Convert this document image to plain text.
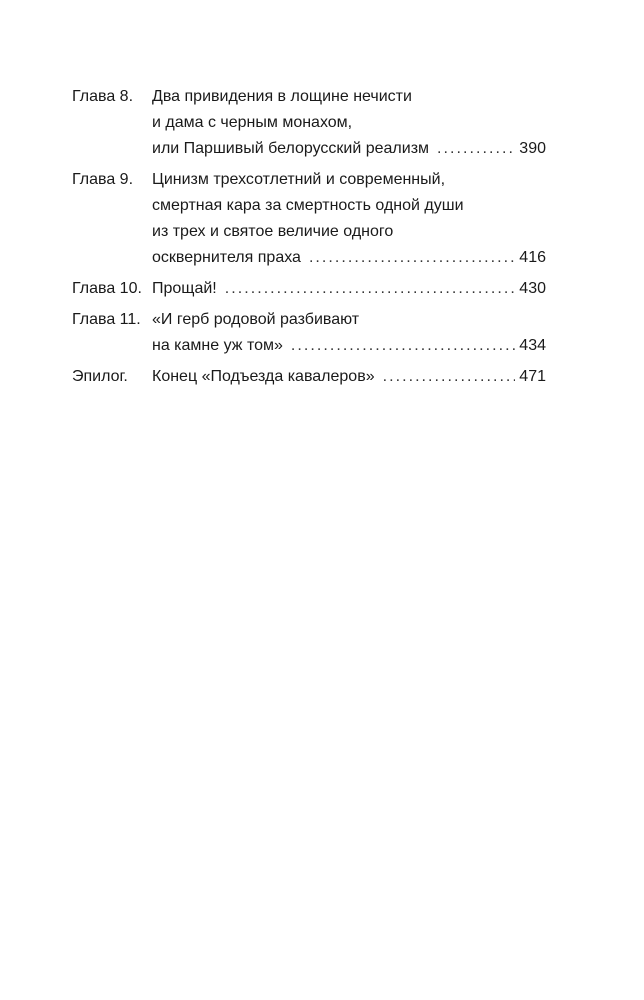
Глава 8.	Два привидения в лощине нечисти
и дама с черным монахом,
или Паршивый белорусский реализм . . .	390
Глава 9.	Цинизм трехсотлетний и современный,
смертная кара за смертность одной души
из трех и святое величие одного
осквернителя праха . . .	416
Глава 10. Прощай! . . .	430
Глава 11. «И герб родовой разбивают
на камне уж том» . . .	434
Эпилог.	Конец «Подъезда кавалеров» . . .	471
